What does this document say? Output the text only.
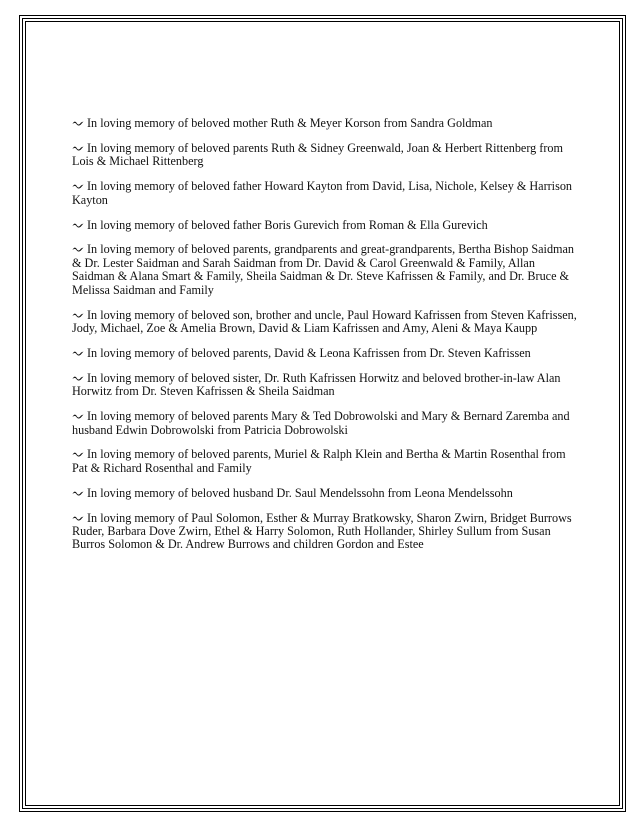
In loving memory of beloved mother Ruth & Meyer Korson from Sandra Goldman
In loving memory of beloved parents Ruth & Sidney Greenwald, Joan & Herbert Rittenberg from Lois & Michael Rittenberg
In loving memory of beloved father Howard Kayton from David, Lisa, Nichole, Kelsey & Harrison Kayton
In loving memory of beloved father Boris Gurevich from Roman & Ella Gurevich
In loving memory of beloved parents, grandparents and great-grandparents, Bertha Bishop Saidman & Dr. Lester Saidman and Sarah Saidman from Dr. David & Carol Greenwald & Family, Allan Saidman & Alana Smart & Family, Sheila Saidman & Dr. Steve Kafrissen & Family, and Dr. Bruce & Melissa Saidman and Family
In loving memory of beloved son, brother and uncle, Paul Howard Kafrissen from Steven Kafrissen, Jody, Michael, Zoe & Amelia Brown, David & Liam Kafrissen and Amy, Aleni & Maya Kaupp
In loving memory of beloved parents, David & Leona Kafrissen from Dr. Steven Kafrissen
In loving memory of beloved sister, Dr. Ruth Kafrissen Horwitz and beloved brother-in-law Alan Horwitz from Dr. Steven Kafrissen & Sheila Saidman
In loving memory of beloved parents Mary & Ted Dobrowolski and Mary & Bernard Zaremba and husband Edwin Dobrowolski from Patricia Dobrowolski
In loving memory of beloved parents, Muriel & Ralph Klein and Bertha & Martin Rosenthal from Pat & Richard Rosenthal and Family
In loving memory of beloved husband Dr. Saul Mendelssohn from Leona Mendelssohn
In loving memory of Paul Solomon, Esther & Murray Bratkowsky, Sharon Zwirn, Bridget Burrows Ruder, Barbara Dove Zwirn, Ethel & Harry Solomon, Ruth Hollander, Shirley Sullum from Susan Burros Solomon & Dr. Andrew Burrows and children Gordon and Estee
